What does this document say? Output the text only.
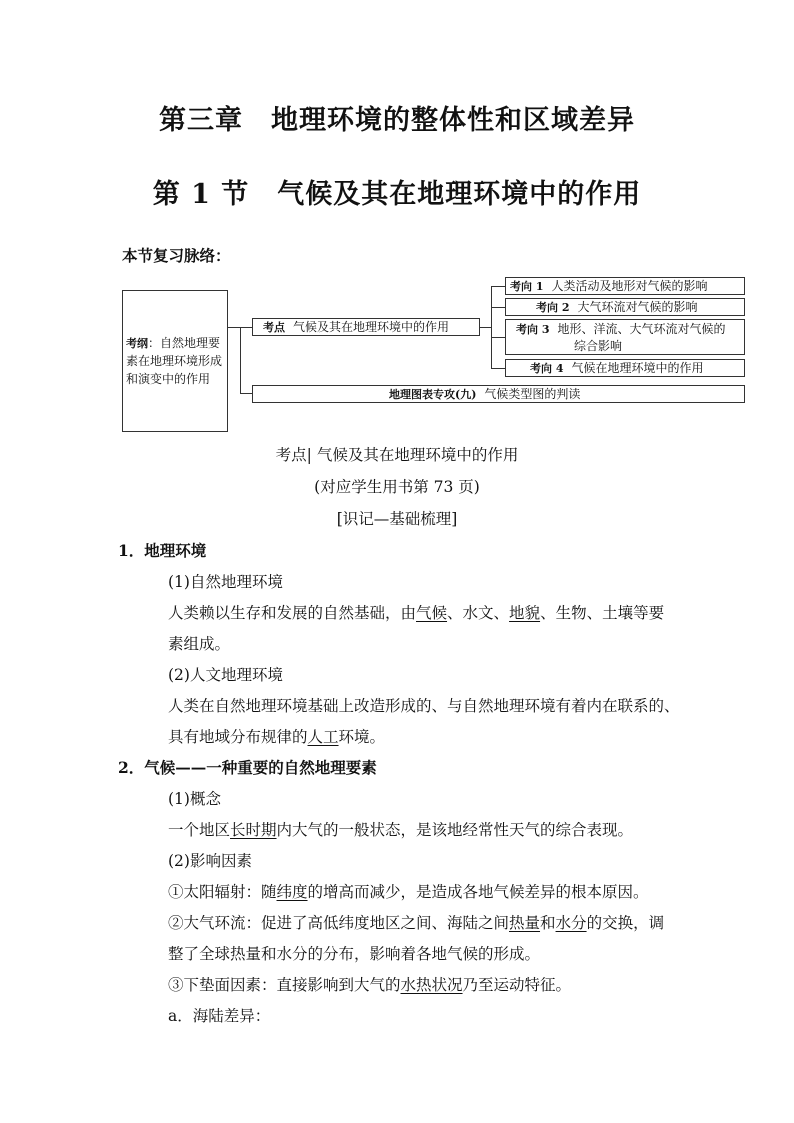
第三章 地理环境的整体性和区域差异
第 1 节 气候及其在地理环境中的作用
本节复习脉络：
考纲：自然地理要
素在地理环境形成
和演变中的作用
考点 气候及其在地理环境中的作用
考向 1 人类活动及地形对气候的影响
考向 2 大气环流对气候的影响
考向 3 地形、洋流、大气环流对气候的
综合影响
考向 4 气候在地理环境中的作用
地理图表专攻(九) 气候类型图的判读
考点| 气候及其在地理环境中的作用
(对应学生用书第 73 页)
[识记—基础梳理]
1．地理环境
(1)自然地理环境
人类赖以生存和发展的自然基础，由气候、水文、地貌、生物、土壤等要
素组成。
(2)人文地理环境
人类在自然地理环境基础上改造形成的、与自然地理环境有着内在联系的、
具有地域分布规律的人工环境。
2．气候——一种重要的自然地理要素
(1)概念
一个地区长时期内大气的一般状态，是该地经常性天气的综合表现。
(2)影响因素
①太阳辐射：随纬度的增高而减少，是造成各地气候差异的根本原因。
②大气环流：促进了高低纬度地区之间、海陆之间热量和水分的交换，调
整了全球热量和水分的分布，影响着各地气候的形成。
③下垫面因素：直接影响到大气的水热状况乃至运动特征。
a．海陆差异：
